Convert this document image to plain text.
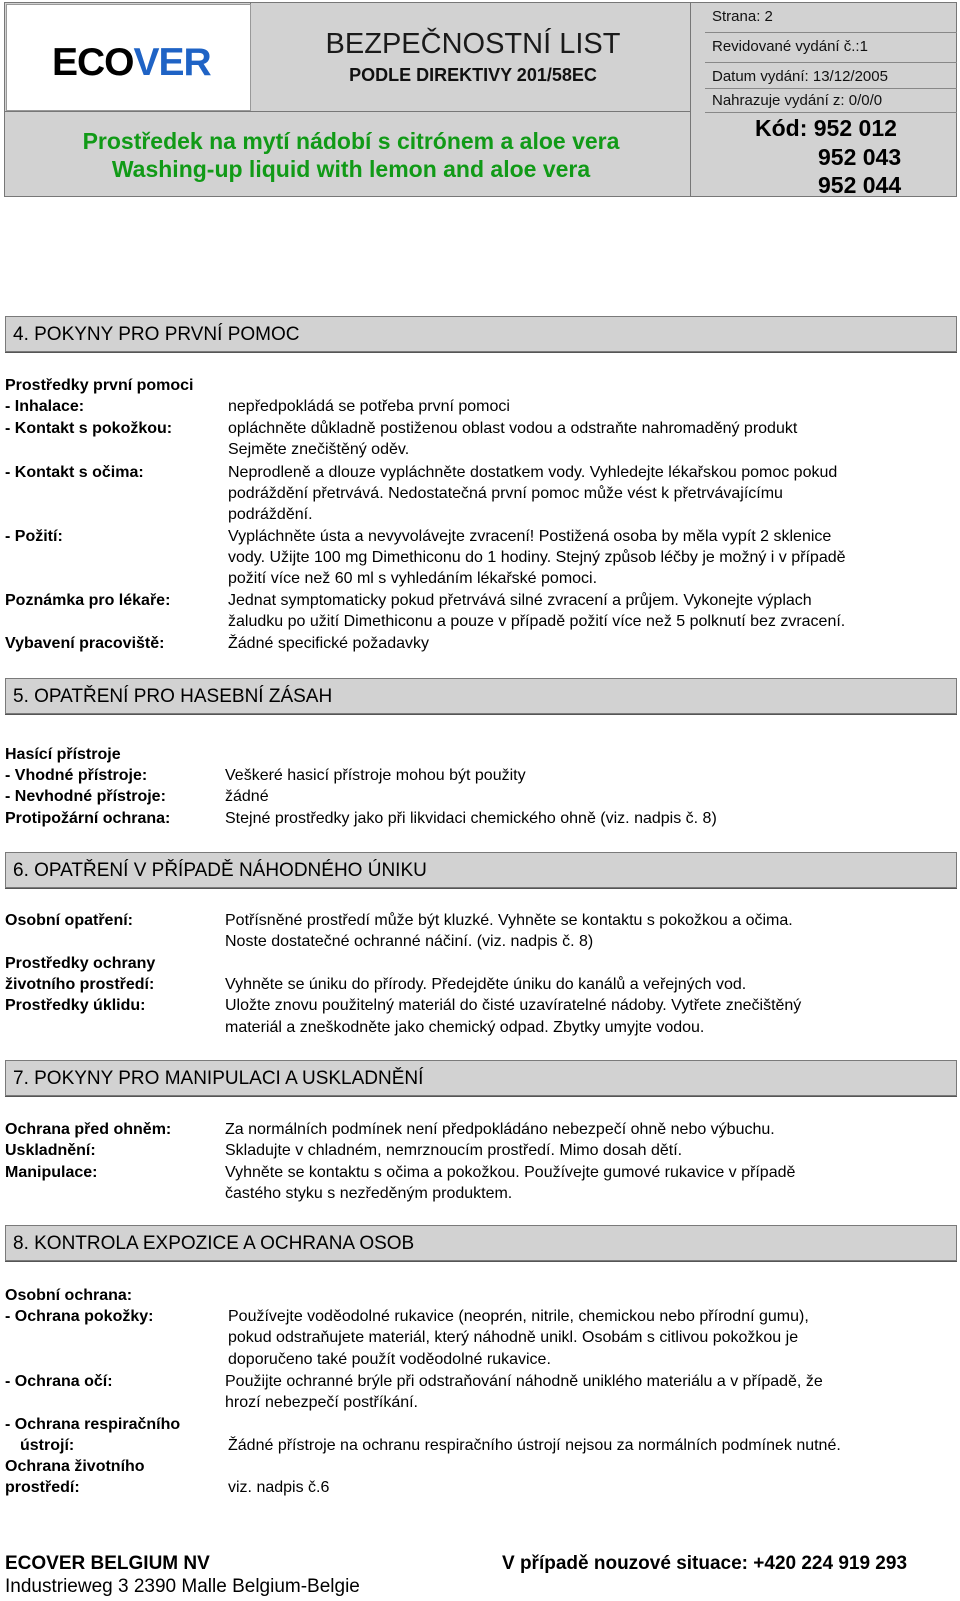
ECOVER	BEZPEČNOSTNÍ LIST
PODLE DIREKTIVY 201/58EC
Prostředek na mytí nádobí s citrónem a aloe vera
Washing-up liquid with lemon and aloe vera
Strana: 2
Revidované vydání č.:1
Datum vydání: 13/12/2005
Nahrazuje vydání z: 0/0/0
Kód: 952 012
952 043
952 044
4. POKYNY PRO PRVNÍ POMOC
Prostředky první pomoci
- Inhalace:	nepředpokládá se potřeba první pomoci
- Kontakt s pokožkou:	opláchněte důkladně postiženou oblast vodou a odstraňte nahromaděný produkt
Sejměte znečištěný oděv.
- Kontakt s očima:	Neprodleně a dlouze vypláchněte dostatkem vody. Vyhledejte lékařskou pomoc pokud
podráždění přetrvává. Nedostatečná první pomoc může vést k přetrvávajícímu
podráždění.
- Požití:	Vypláchněte ústa a nevyvolávejte zvracení! Postižená osoba by měla vypít 2 sklenice
vody. Užijte 100 mg Dimethiconu do 1 hodiny. Stejný způsob léčby je možný i v případě
požití více než 60 ml s vyhledáním lékařské pomoci.
Poznámka pro lékaře:	Jednat symptomaticky pokud přetrvává silné zvracení a průjem. Vykonejte výplach
žaludku po užití Dimethiconu a pouze v případě požití více než 5 polknutí bez zvracení.
Vybavení pracoviště:	Žádné specifické požadavky
5. OPATŘENÍ PRO HASEBNÍ ZÁSAH
Hasící přístroje
- Vhodné přístroje:	Veškeré hasicí přístroje mohou být použity
- Nevhodné přístroje:	žádné
Protipožární ochrana:	Stejné prostředky jako při likvidaci chemického ohně (viz. nadpis č. 8)
6. OPATŘENÍ V PŘÍPADĚ NÁHODNÉHO ÚNIKU
Osobní opatření:	Potřísněné prostředí může být kluzké. Vyhněte se kontaktu s pokožkou a očima.
Noste dostatečné ochranné náčiní. (viz. nadpis č. 8)
Prostředky ochrany
životního prostředí:	Vyhněte se úniku do přírody. Předejděte úniku do kanálů a veřejných vod.
Prostředky úklidu:	Uložte znovu použitelný materiál do čisté uzavíratelné nádoby. Vytřete znečištěný
materiál a zneškodněte jako chemický odpad. Zbytky umyjte vodou.
7. POKYNY PRO MANIPULACI A USKLADNĚNÍ
Ochrana před ohněm:	Za normálních podmínek není předpokládáno nebezpečí ohně nebo výbuchu.
Uskladnění:	Skladujte v chladném, nemrznoucím prostředí. Mimo dosah dětí.
Manipulace:	Vyhněte se kontaktu s očima a pokožkou. Používejte gumové rukavice v případě
častého styku s nezředěným produktem.
8. KONTROLA EXPOZICE A OCHRANA OSOB
Osobní ochrana:
- Ochrana pokožky:	Používejte voděodolné rukavice (neoprén, nitrile, chemickou nebo přírodní gumu),
pokud odstraňujete materiál, který náhodně unikl. Osobám s citlivou pokožkou je
doporučeno také použít voděodolné rukavice.
- Ochrana očí:	Použijte ochranné brýle při odstraňování náhodně uniklého materiálu a v případě, že
hrozí nebezpečí postříkání.
- Ochrana respiračního
ústrojí:	Žádné přístroje na ochranu respiračního ústrojí nejsou za normálních podmínek nutné.
Ochrana životního
prostředí:	viz. nadpis č.6
ECOVER BELGIUM NV	V případě nouzové situace: +420 224 919 293
Industrieweg 3 2390 Malle Belgium-Belgie
